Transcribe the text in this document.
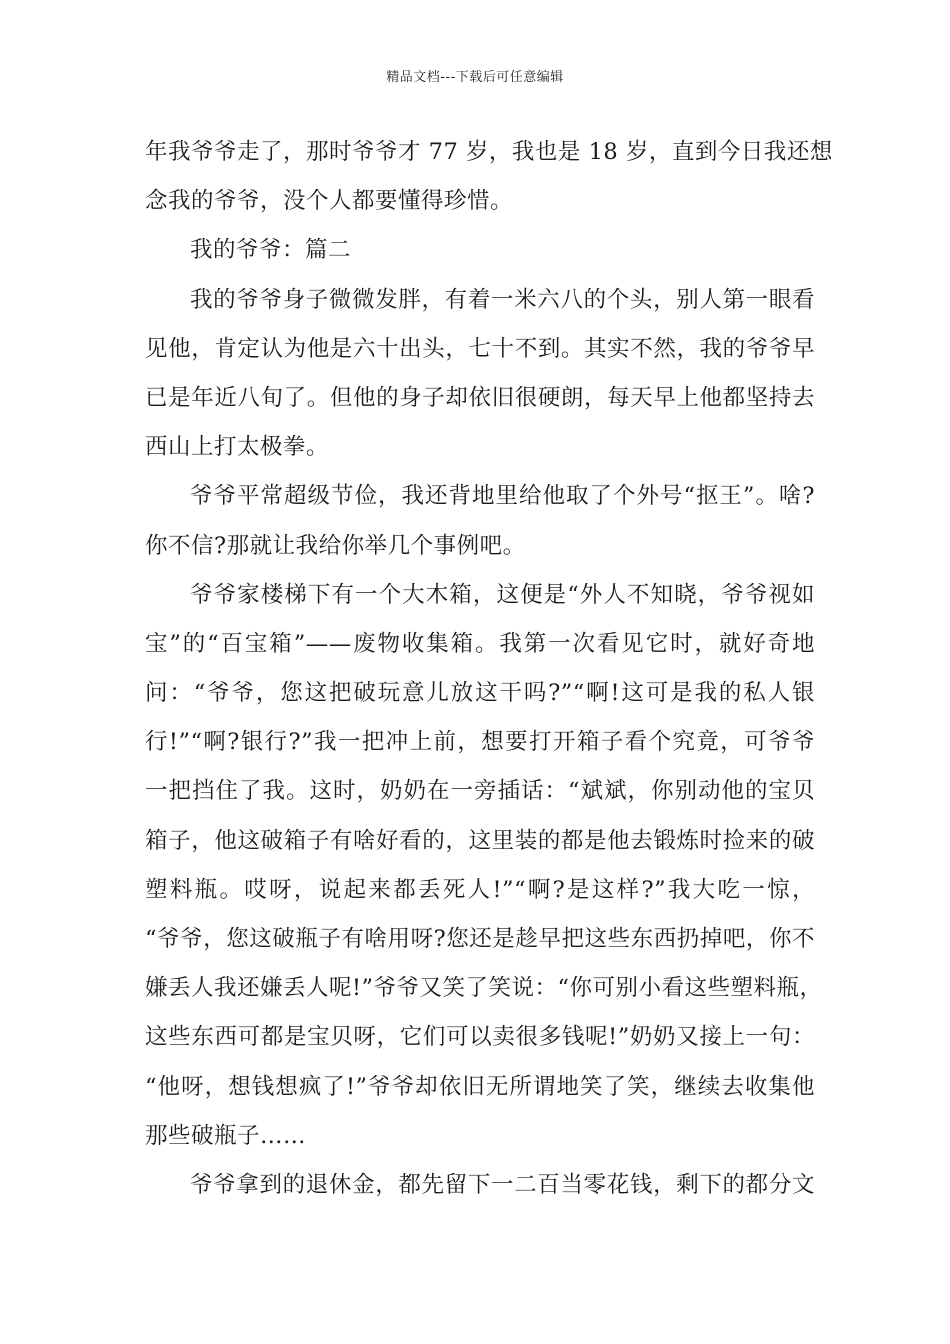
精品文档---下载后可任意编辑
年我爷爷走了，那时爷爷才 77 岁，我也是 18 岁，直到今日我还想
念我的爷爷，没个人都要懂得珍惜。
我的爷爷：篇二
我的爷爷身子微微发胖，有着一米六八的个头，别人第一眼看
见他，肯定认为他是六十出头，七十不到。其实不然，我的爷爷早
已是年近八旬了。但他的身子却依旧很硬朗，每天早上他都坚持去
西山上打太极拳。
爷爷平常超级节俭，我还背地里给他取了个外号“抠王”。啥?
你不信?那就让我给你举几个事例吧。
爷爷家楼梯下有一个大木箱，这便是“外人不知晓，爷爷视如
宝”的“百宝箱”——废物收集箱。我第一次看见它时，就好奇地
问：“爷爷，您这把破玩意儿放这干吗?”“啊!这可是我的私人银
行!”“啊?银行?”我一把冲上前，想要打开箱子看个究竟，可爷爷
一把挡住了我。这时，奶奶在一旁插话：“斌斌，你别动他的宝贝
箱子，他这破箱子有啥好看的，这里装的都是他去锻炼时捡来的破
塑料瓶。哎呀，说起来都丢死人!”“啊?是这样?”我大吃一惊，
“爷爷，您这破瓶子有啥用呀?您还是趁早把这些东西扔掉吧，你不
嫌丢人我还嫌丢人呢!”爷爷又笑了笑说：“你可别小看这些塑料瓶，
这些东西可都是宝贝呀，它们可以卖很多钱呢!”奶奶又接上一句：
“他呀，想钱想疯了!”爷爷却依旧无所谓地笑了笑，继续去收集他
那些破瓶子……
爷爷拿到的退休金，都先留下一二百当零花钱，剩下的都分文
